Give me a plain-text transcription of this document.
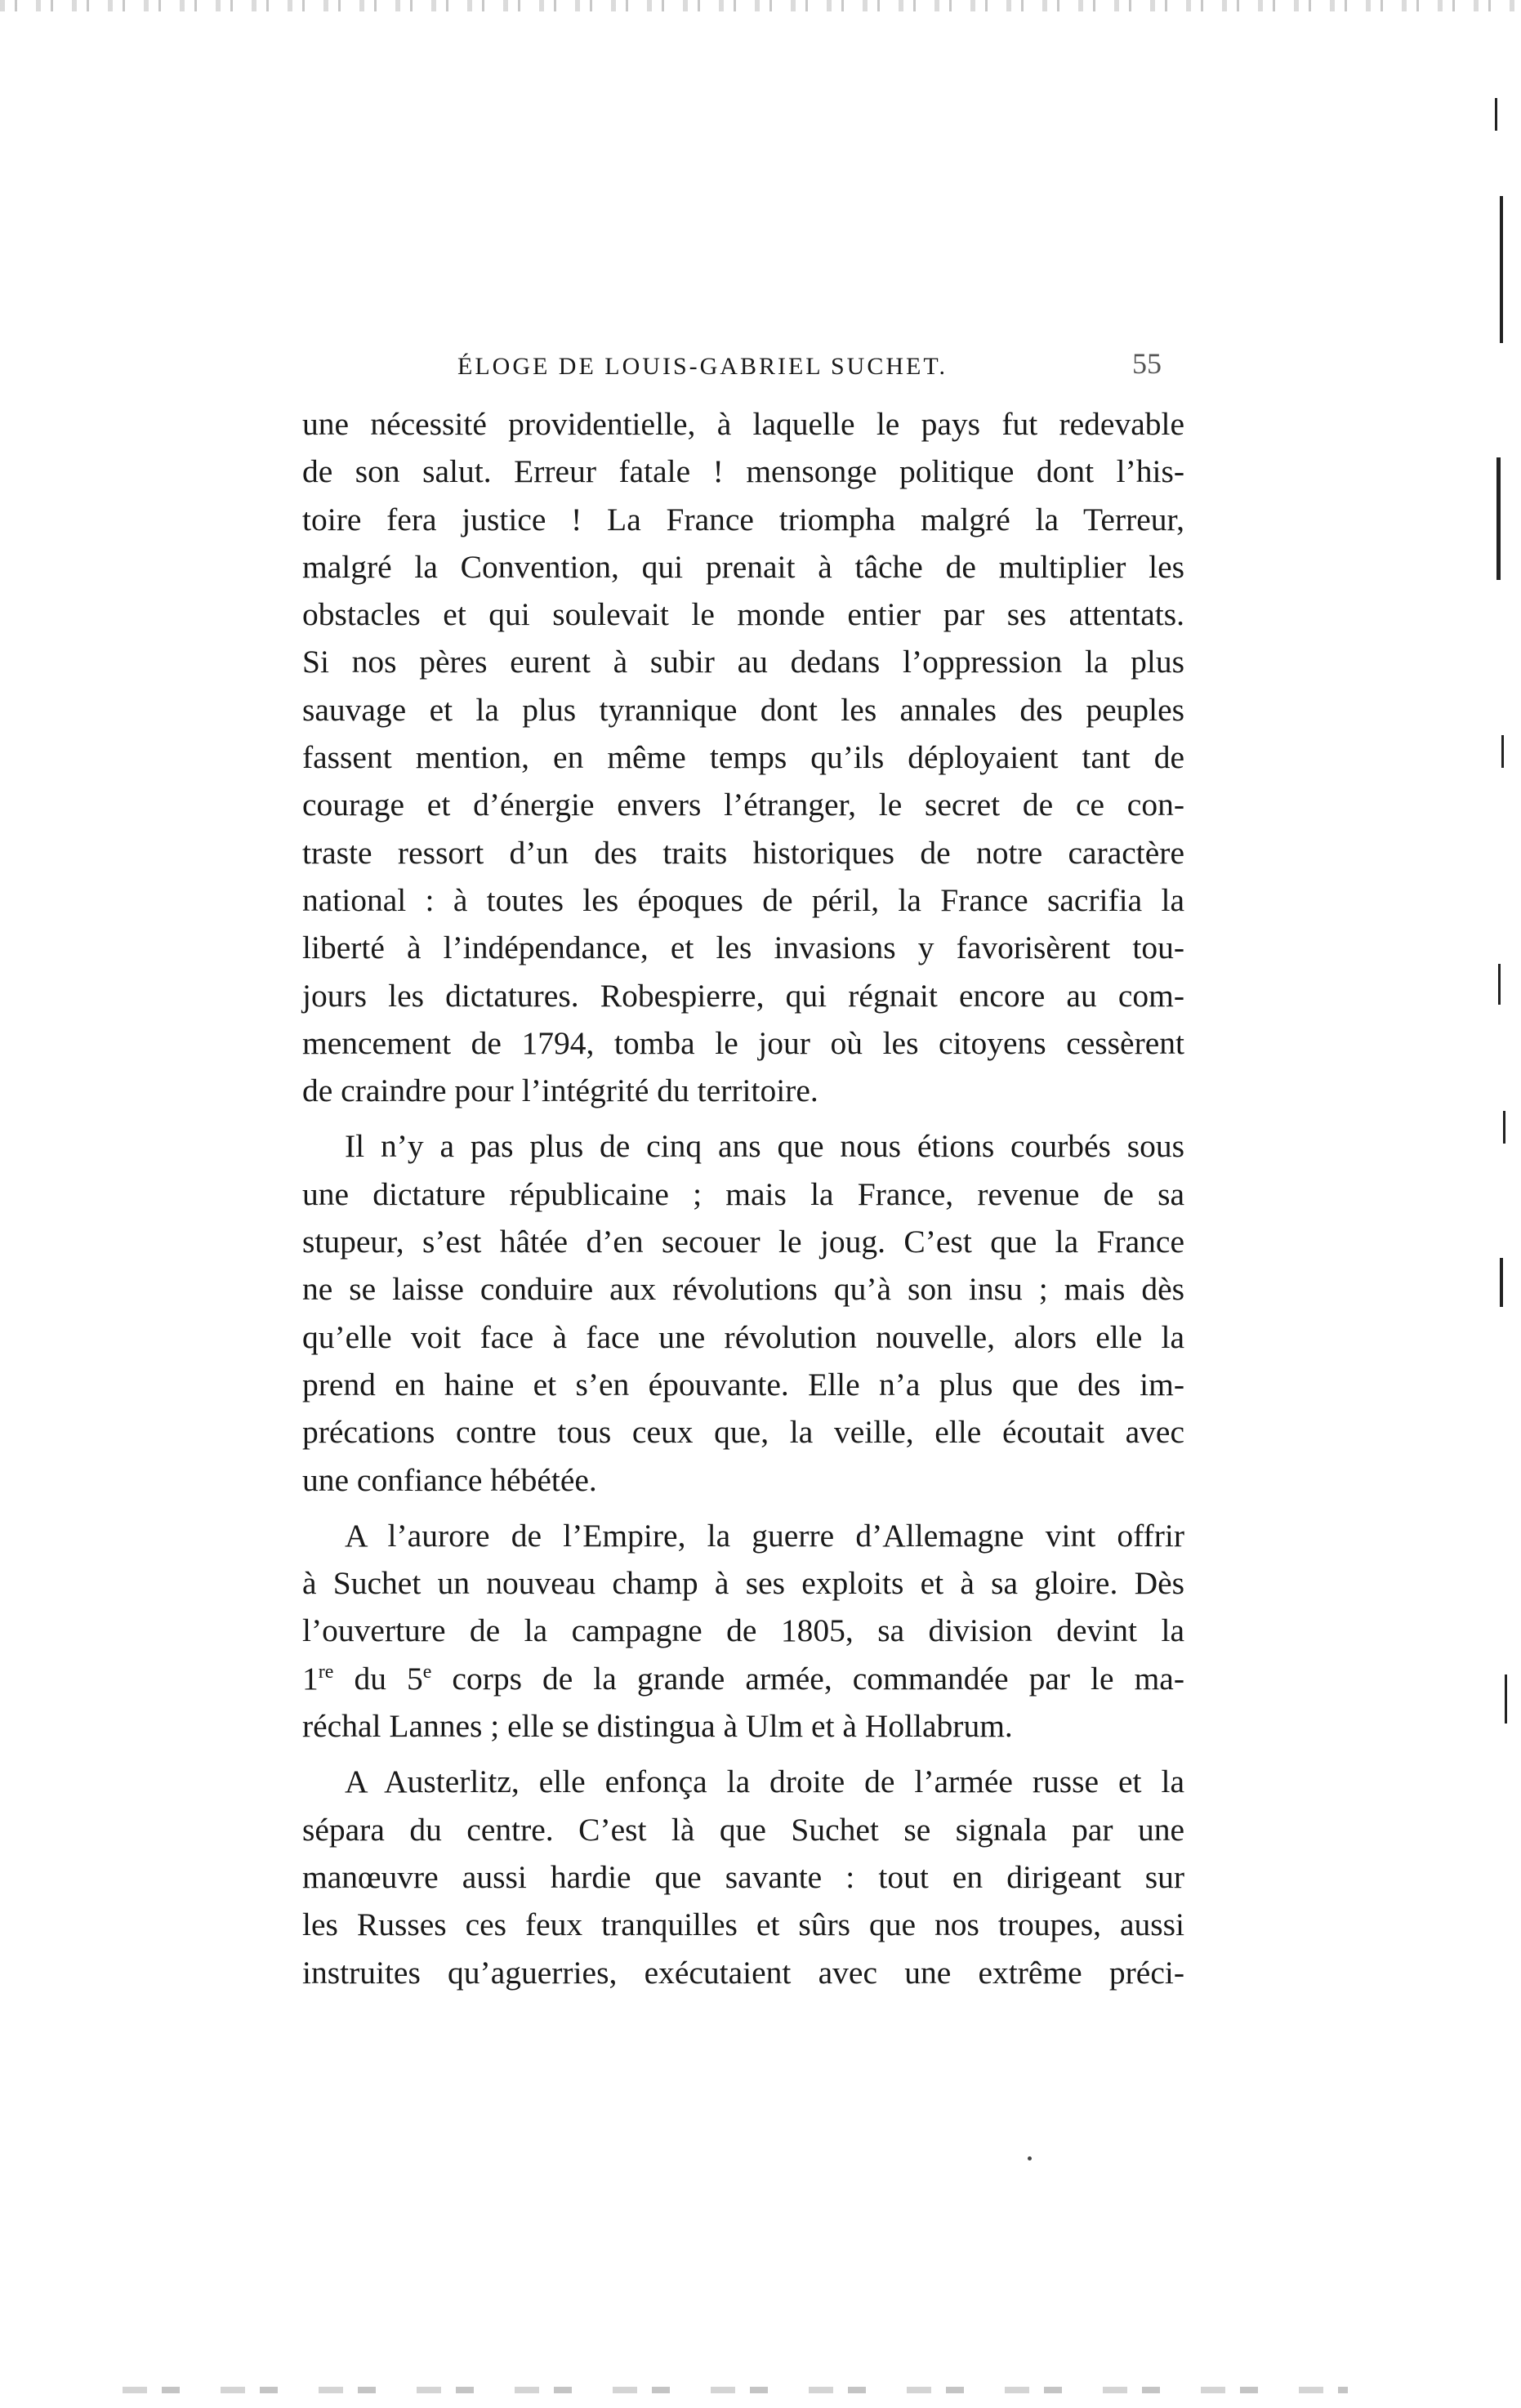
ÉLOGE DE LOUIS-GABRIEL SUCHET.	55
une nécessité providentielle, à laquelle le pays fut redevable
de son salut. Erreur fatale ! mensonge politique dont l’his-
toire fera justice ! La France triompha malgré la Terreur,
malgré la Convention, qui prenait à tâche de multiplier les
obstacles et qui soulevait le monde entier par ses attentats.
Si nos pères eurent à subir au dedans l’oppression la plus
sauvage et la plus tyrannique dont les annales des peuples
fassent mention, en même temps qu’ils déployaient tant de
courage et d’énergie envers l’étranger, le secret de ce con-
traste ressort d’un des traits historiques de notre caractère
national : à toutes les époques de péril, la France sacrifia la
liberté à l’indépendance, et les invasions y favorisèrent tou-
jours les dictatures. Robespierre, qui régnait encore au com-
mencement de 1794, tomba le jour où les citoyens cessèrent
de craindre pour l’intégrité du territoire.
Il n’y a pas plus de cinq ans que nous étions courbés sous
une dictature républicaine ; mais la France, revenue de sa
stupeur, s’est hâtée d’en secouer le joug. C’est que la France
ne se laisse conduire aux révolutions qu’à son insu ; mais dès
qu’elle voit face à face une révolution nouvelle, alors elle la
prend en haine et s’en épouvante. Elle n’a plus que des im-
précations contre tous ceux que, la veille, elle écoutait avec
une confiance hébétée.
A l’aurore de l’Empire, la guerre d’Allemagne vint offrir
à Suchet un nouveau champ à ses exploits et à sa gloire. Dès
l’ouverture de la campagne de 1805, sa division devint la
1re du 5e corps de la grande armée, commandée par le ma-
réchal Lannes ; elle se distingua à Ulm et à Hollabrum.
A Austerlitz, elle enfonça la droite de l’armée russe et la
sépara du centre. C’est là que Suchet se signala par une
manœuvre aussi hardie que savante : tout en dirigeant sur
les Russes ces feux tranquilles et sûrs que nos troupes, aussi
instruites qu’aguerries, exécutaient avec une extrême préci-
